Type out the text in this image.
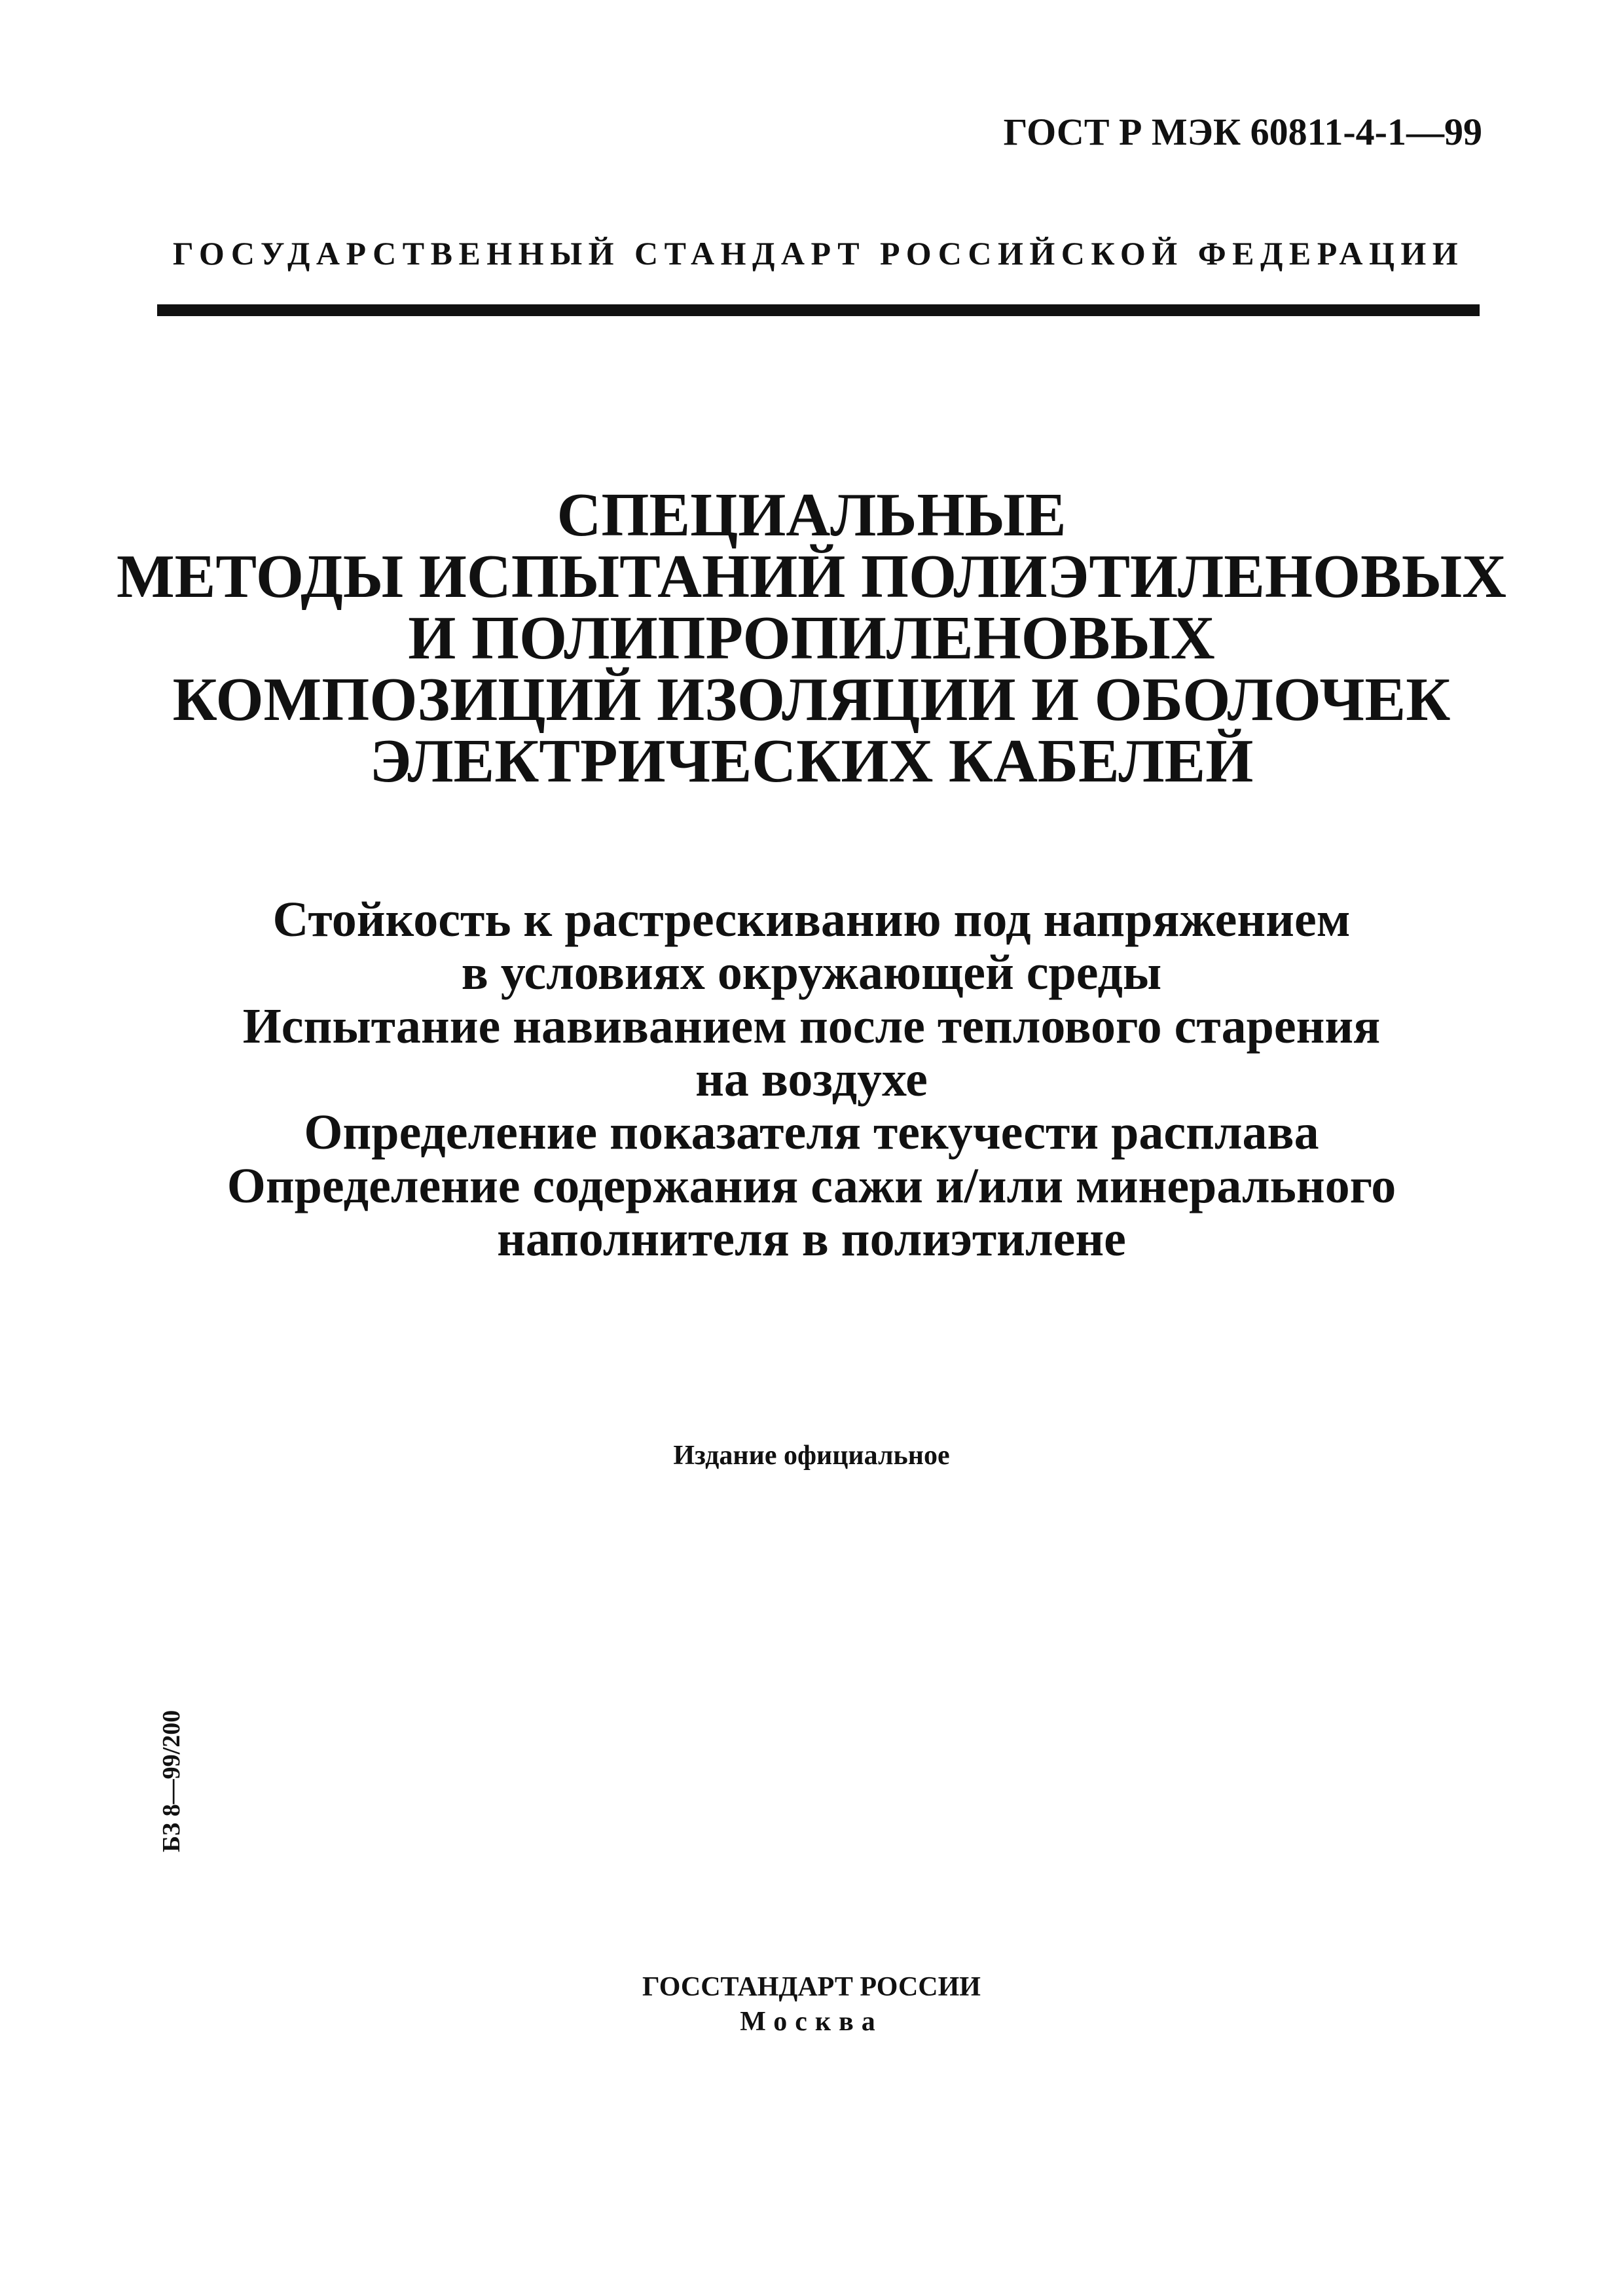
ГОСТ Р МЭК 60811-4-1—99
ГОСУДАРСТВЕННЫЙ СТАНДАРТ РОССИЙСКОЙ ФЕДЕРАЦИИ
СПЕЦИАЛЬНЫЕ
МЕТОДЫ ИСПЫТАНИЙ ПОЛИЭТИЛЕНОВЫХ
И ПОЛИПРОПИЛЕНОВЫХ
КОМПОЗИЦИЙ ИЗОЛЯЦИИ И ОБОЛОЧЕК
ЭЛЕКТРИЧЕСКИХ КАБЕЛЕЙ
Стойкость к растрескиванию под напряжением
в условиях окружающей среды
Испытание навиванием после теплового старения
на воздухе
Определение показателя текучести расплава
Определение содержания сажи и/или минерального
наполнителя в полиэтилене
Издание официальное
БЗ 8—99/200
ГОССТАНДАРТ РОССИИ
Москва
